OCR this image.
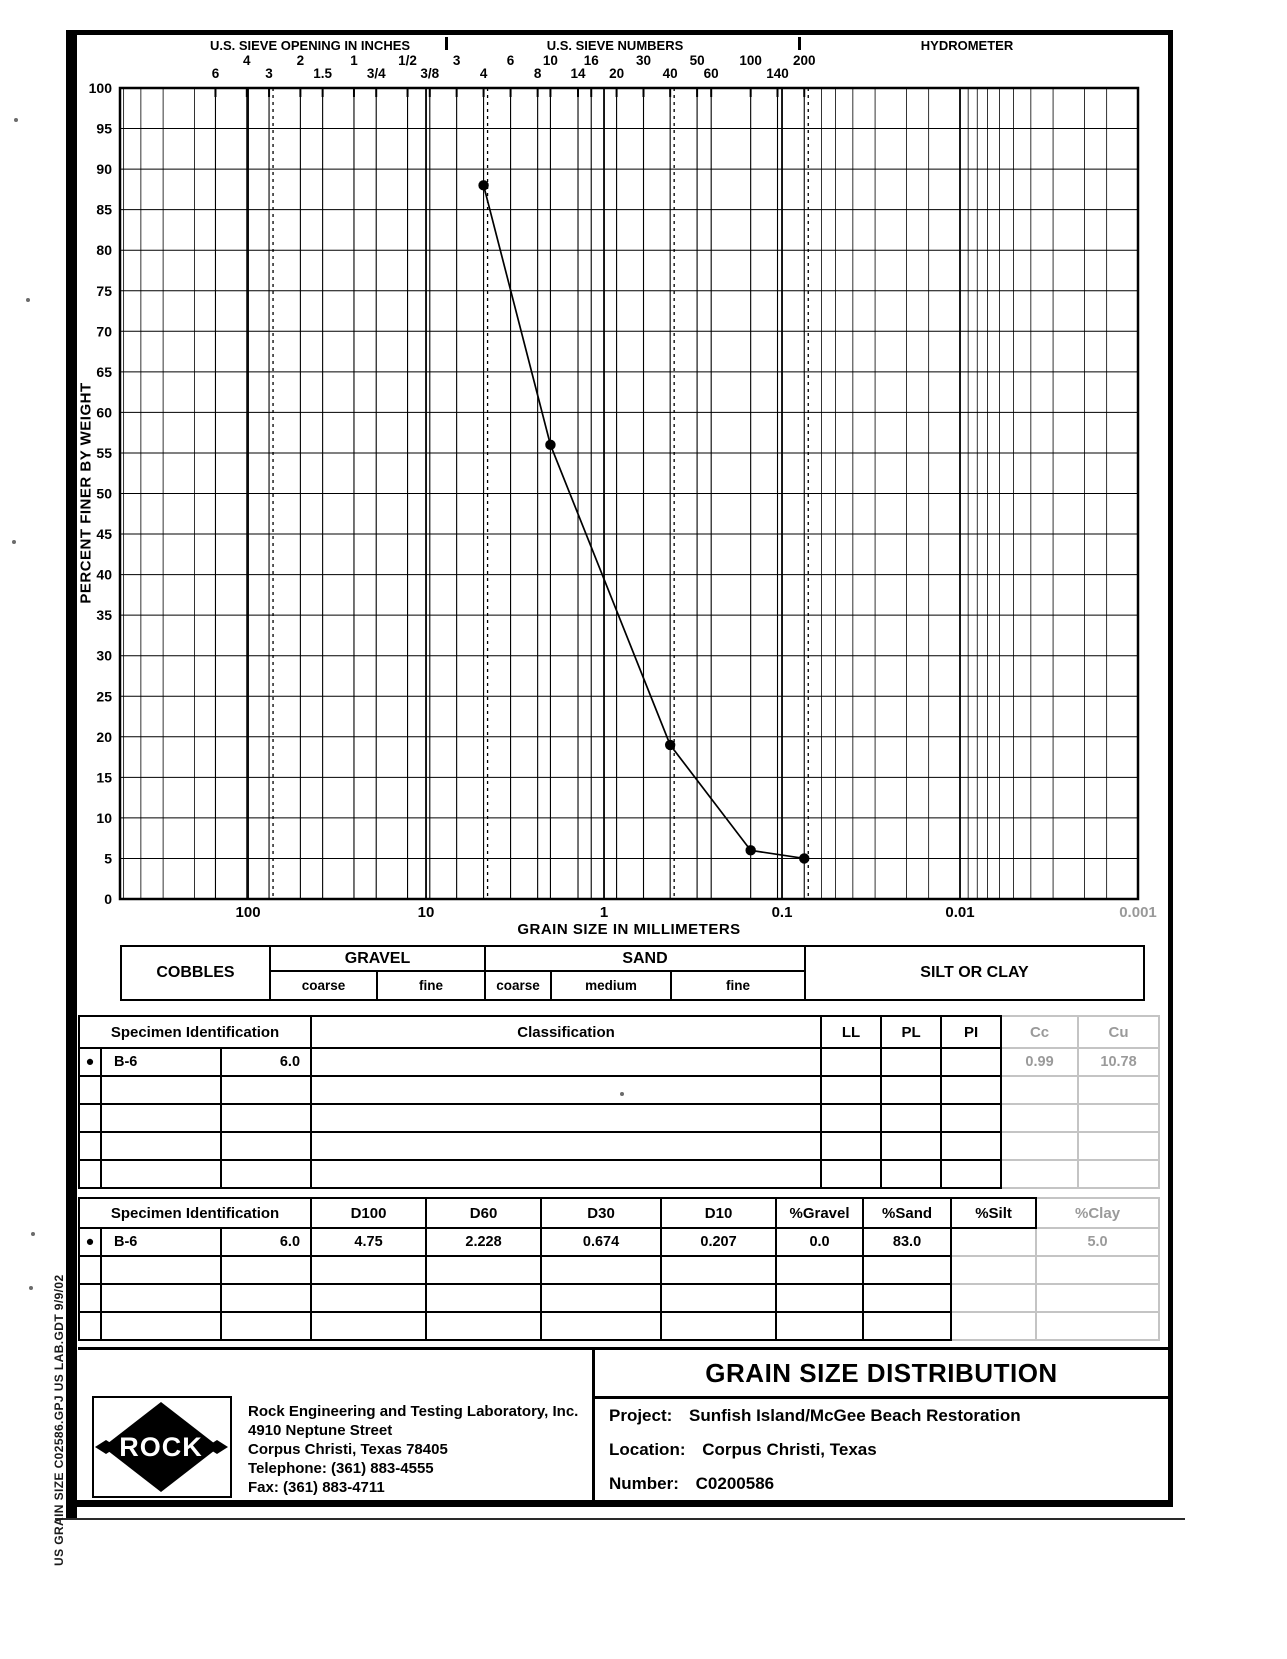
6
4
3
2
1.5
1
3/4
1/2
3/8
3
4
6
8
10
14
16
20
30
40
50
60
100
140
200
100	10	1	0.1	0.01	0.001
0
5
10
15
20
25
30
35
40
45
50
55
60
65
70
75
80
85
90
95
100
U.S. SIEVE OPENING IN INCHES	U.S. SIEVE NUMBERS	HYDROMETER
PERCENT FINER BY WEIGHT
GRAIN SIZE IN MILLIMETERS
COBBLES
GRAVEL
coarse	fine
SAND
coarse	medium	fine
SILT OR CLAY
Specimen Identification			Classification	LL	PL	PI	Cc	Cu
●	B-6	6.0					0.99	10.78

Specimen Identification			D100	D60	D30	D10	%Gravel	%Sand	%Silt	%Clay
●	B-6	6.0	4.75	2.228	0.674	0.207	0.0	83.0		5.0

ROCK
Rock Engineering and Testing Laboratory, Inc.
4910 Neptune Street
Corpus Christi, Texas 78405
Telephone: (361) 883-4555
Fax: (361) 883-4711
GRAIN SIZE DISTRIBUTION
Project: Sunfish Island/McGee Beach Restoration
Location: Corpus Christi, Texas
Number: C0200586
US GRAIN SIZE C02586.GPJ US LAB.GDT 9/9/02
